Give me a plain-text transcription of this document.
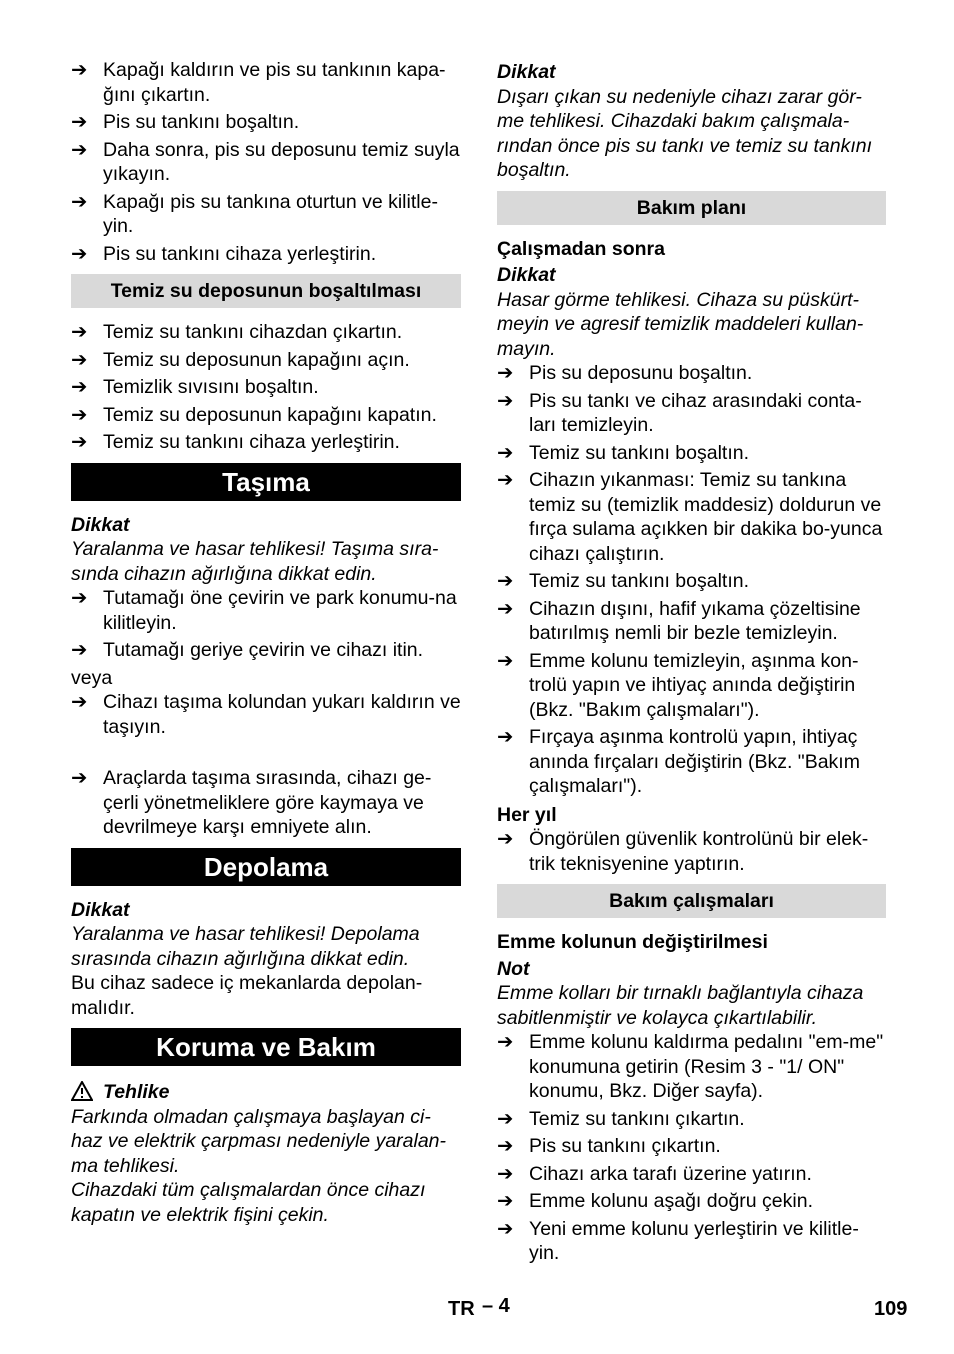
➔ Kapağı kaldırın ve pis su tankının kapa-ğını çıkartın.
➔ Pis su tankını boşaltın.
➔ Daha sonra, pis su deposunu temiz suyla yıkayın.
➔ Kapağı pis su tankına oturtun ve kilitle-yin.
➔ Pis su tankını cihaza yerleştirin.
Temiz su deposunun boşaltılması
➔ Temiz su tankını cihazdan çıkartın.
➔ Temiz su deposunun kapağını açın.
➔ Temizlik sıvısını boşaltın.
➔ Temiz su deposunun kapağını kapatın.
➔ Temiz su tankını cihaza yerleştirin.
Taşıma
Dikkat
Yaralanma ve hasar tehlikesi! Taşıma sıra-sında cihazın ağırlığına dikkat edin.
➔ Tutamağı öne çevirin ve park konumu-na kilitleyin.
➔ Tutamağı geriye çevirin ve cihazı itin.
veya
➔ Cihazı taşıma kolundan yukarı kaldırın ve taşıyın.
➔ Araçlarda taşıma sırasında, cihazı ge-çerli yönetmeliklere göre kaymaya ve devrilmeye karşı emniyete alın.
Depolama
Dikkat
Yaralanma ve hasar tehlikesi! Depolama sırasında cihazın ağırlığına dikkat edin.
Bu cihaz sadece iç mekanlarda depolan-malıdır.
Koruma ve Bakım
Tehlike
Farkında olmadan çalışmaya başlayan ci-haz ve elektrik çarpması nedeniyle yaralan-ma tehlikesi.
Cihazdaki tüm çalışmalardan önce cihazı kapatın ve elektrik fişini çekin.
Dikkat
Dışarı çıkan su nedeniyle cihazı zarar gör-me tehlikesi. Cihazdaki bakım çalışmala-rından önce pis su tankı ve temiz su tankını boşaltın.
Bakım planı
Çalışmadan sonra
Dikkat
Hasar görme tehlikesi. Cihaza su püskürt-meyin ve agresif temizlik maddeleri kullan-mayın.
➔ Pis su deposunu boşaltın.
➔ Pis su tankı ve cihaz arasındaki conta-ları temizleyin.
➔ Temiz su tankını boşaltın.
➔ Cihazın yıkanması: Temiz su tankına temiz su (temizlik maddesiz) doldurun ve fırça sulama açıkken bir dakika bo-yunca cihazı çalıştırın.
➔ Temiz su tankını boşaltın.
➔ Cihazın dışını, hafif yıkama çözeltisine batırılmış nemli bir bezle temizleyin.
➔ Emme kolunu temizleyin, aşınma kon-trolü yapın ve ihtiyaç anında değiştirin (Bkz. "Bakım çalışmaları").
➔ Fırçaya aşınma kontrolü yapın, ihtiyaç anında fırçaları değiştirin (Bkz. "Bakım çalışmaları").
Her yıl
➔ Öngörülen güvenlik kontrolünü bir elek-trik teknisyenine yaptırın.
Bakım çalışmaları
Emme kolunun değiştirilmesi
Not
Emme kolları bir tırnaklı bağlantıyla cihaza sabitlenmiştir ve kolayca çıkartılabilir.
➔ Emme kolunu kaldırma pedalını "em-me" konumuna getirin (Resim 3 - "1/ ON" konumu, Bkz. Diğer sayfa).
➔ Temiz su tankını çıkartın.
➔ Pis su tankını çıkartın.
➔ Cihazı arka tarafı üzerine yatırın.
➔ Emme kolunu aşağı doğru çekin.
➔ Yeni emme kolunu yerleştirin ve kilitle-yin.
TR – 4	109
